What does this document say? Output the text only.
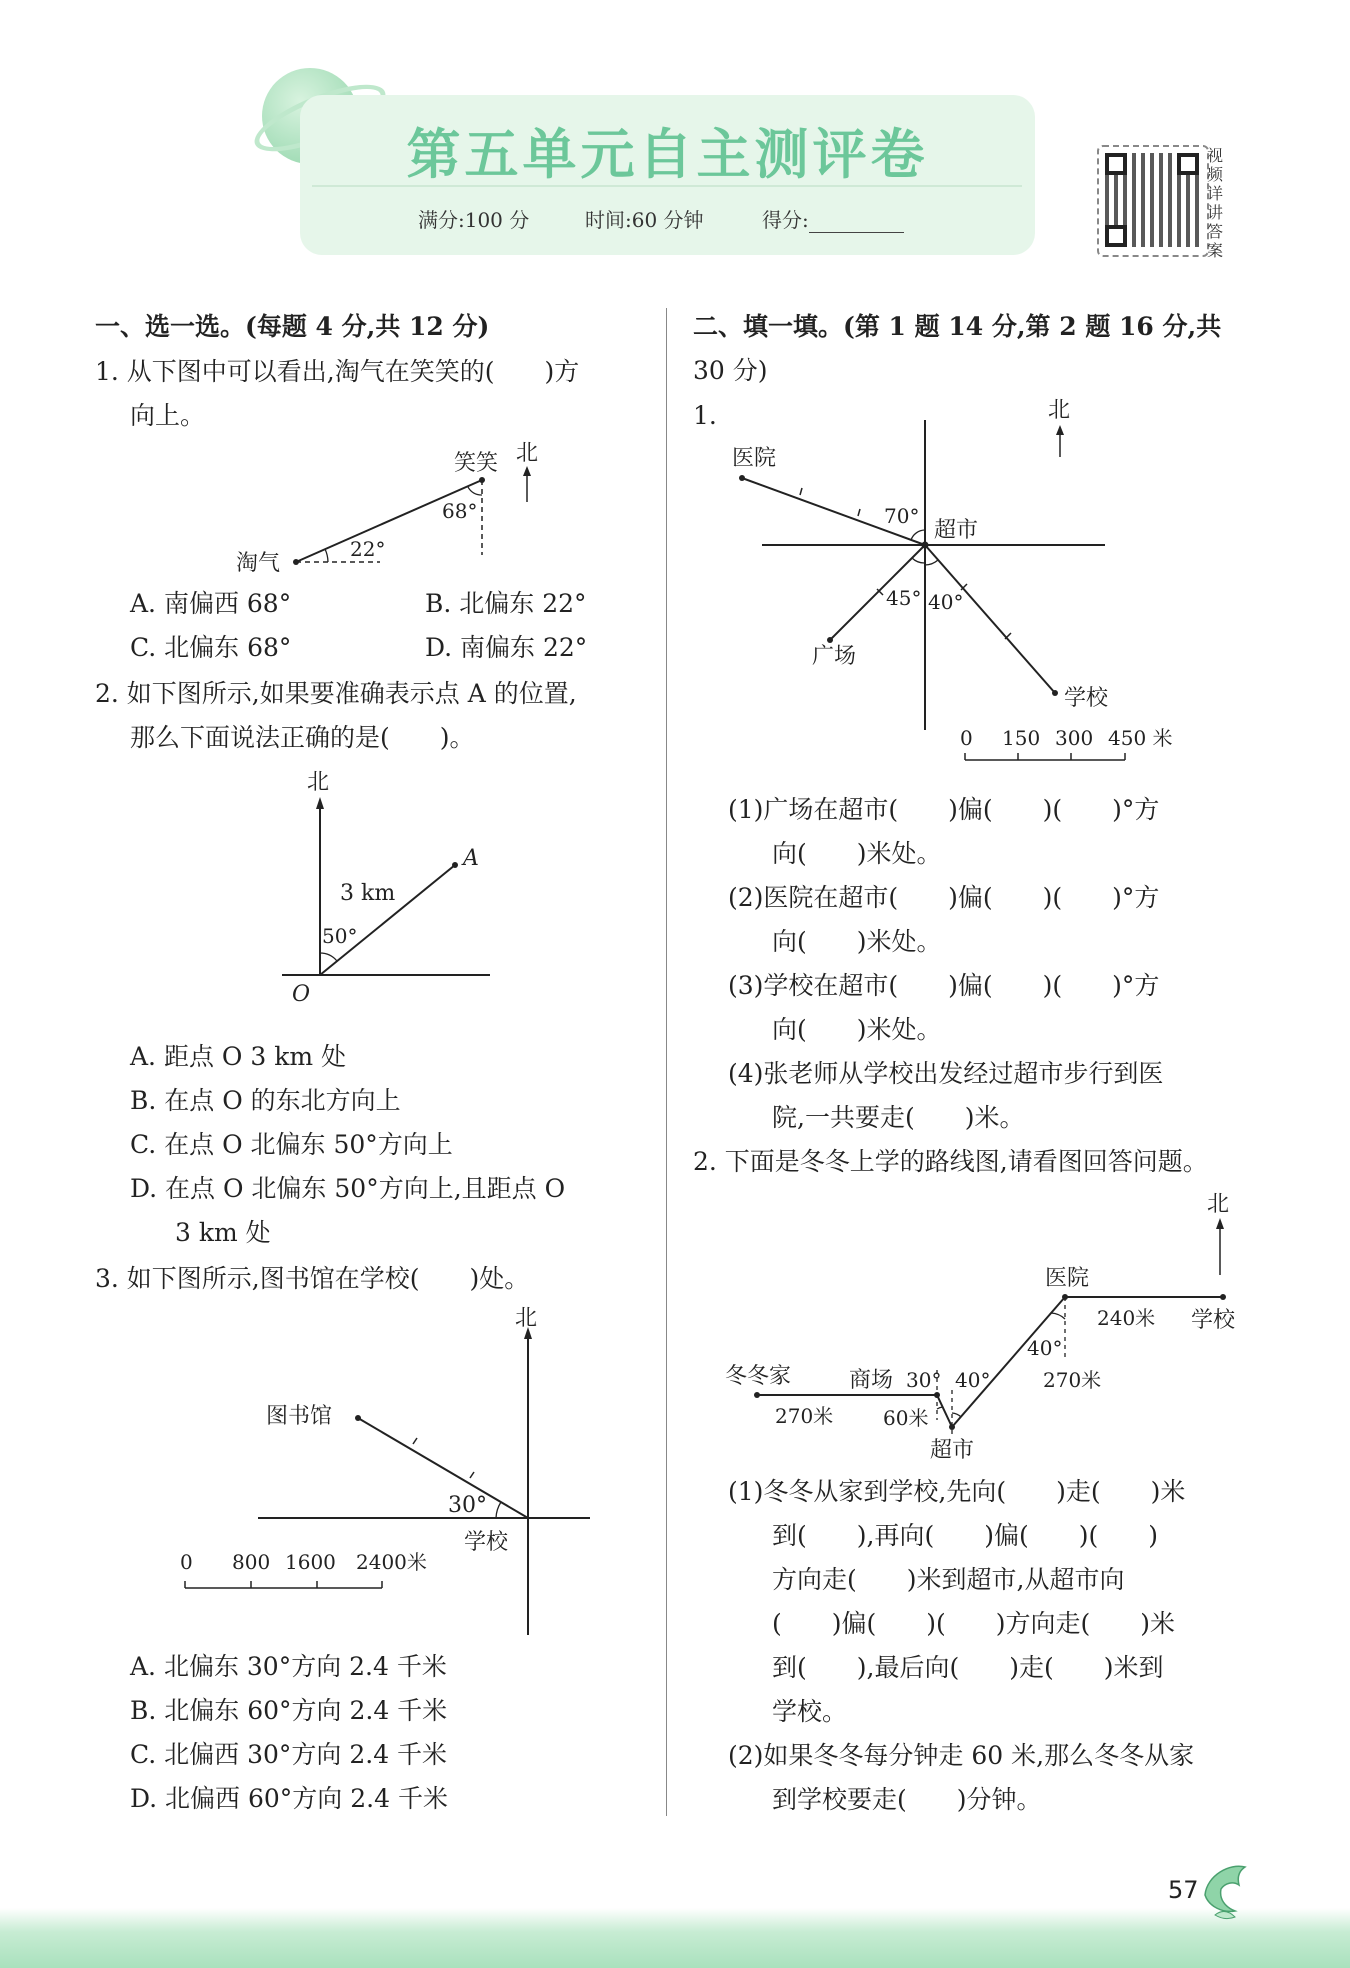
第五单元自主测评卷
满分:100 分	时间:60 分钟	得分:
视
频
详
讲
答
案
一、选一选。(每题 4 分,共 12 分)
1. 从下图中可以看出,淘气在笑笑的(　　)方
向上。
笑笑 北
68°
22°
淘气
A. 南偏西 68°	B. 北偏东 22°
C. 北偏东 68°	D. 南偏东 22°
2. 如下图所示,如果要准确表示点 A 的位置,
那么下面说法正确的是(　　)。
北
A
3 km
50°
O
A. 距点 O 3 km 处
B. 在点 O 的东北方向上
C. 在点 O 北偏东 50°方向上
D. 在点 O 北偏东 50°方向上,且距点 O
3 km 处
3. 如下图所示,图书馆在学校(　　)处。
北
图书馆
30°
学校
0 800 1600 2400米
A. 北偏东 30°方向 2.4 千米
B. 北偏东 60°方向 2.4 千米
C. 北偏西 30°方向 2.4 千米
D. 北偏西 60°方向 2.4 千米
二、填一填。(第 1 题 14 分,第 2 题 16 分,共
30 分)
1.	北
医院
70°
超市
45° 40°
广场
学校
0 150 300 450 米
(1)广场在超市(　　)偏(　　)(　　)°方
向(　　)米处。
(2)医院在超市(　　)偏(　　)(　　)°方
向(　　)米处。
(3)学校在超市(　　)偏(　　)(　　)°方
向(　　)米处。
(4)张老师从学校出发经过超市步行到医
院,一共要走(　　)米。
2. 下面是冬冬上学的路线图,请看图回答问题。
北
医院
240米 学校
40°
270米
冬冬家	商场 30° 40°
270米 60米
超市
(1)冬冬从家到学校,先向(　　)走(　　)米
到(　　),再向(　　)偏(　　)(　　)
方向走(　　)米到超市,从超市向
(　　)偏(　　)(　　)方向走(　　)米
到(　　),最后向(　　)走(　　)米到
学校。
(2)如果冬冬每分钟走 60 米,那么冬冬从家
到学校要走(　　)分钟。
57
